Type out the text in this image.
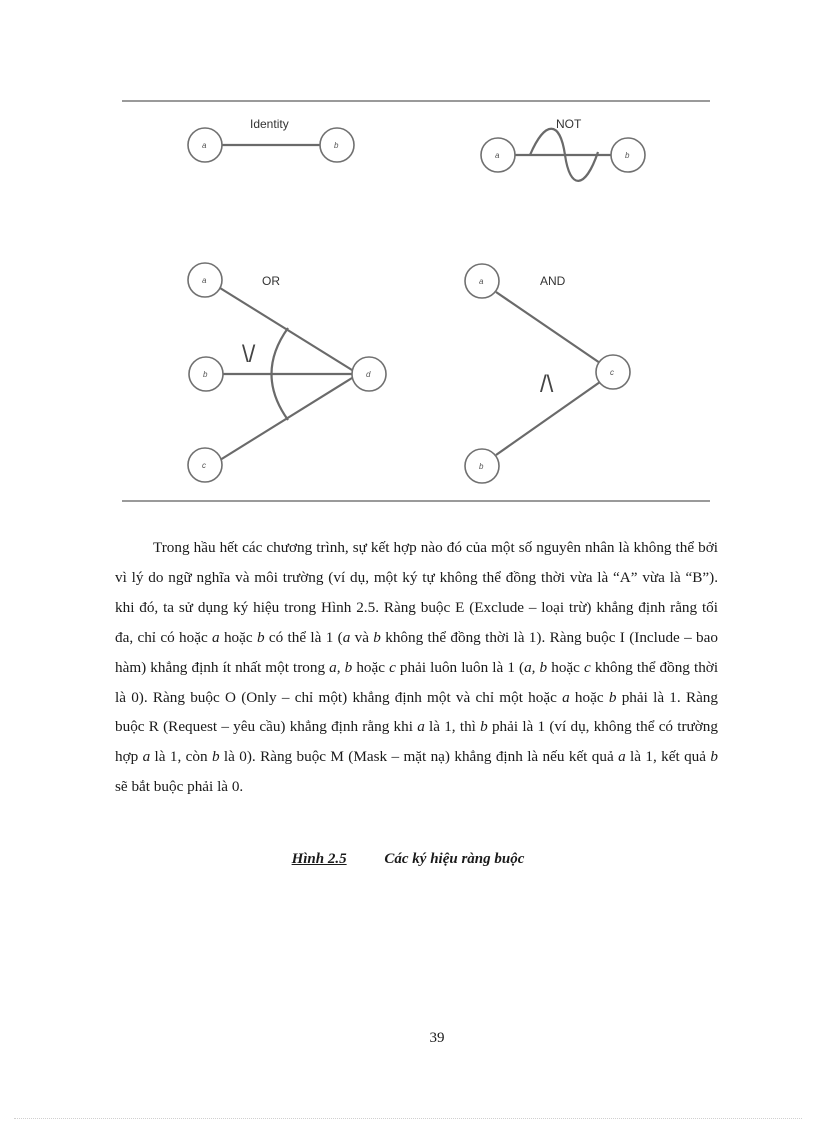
Identity
a	b
NOT
a	b
OR
\/
a
b
c
d
AND
/\
a
b
c

Trong hầu hết các chương trình, sự kết hợp nào đó của một số nguyên nhân là không thể bởi vì lý do ngữ nghĩa và môi trường (ví dụ, một ký tự không thể đồng thời vừa là “A” vừa là “B”). khi đó, ta sử dụng ký hiệu trong Hình 2.5. Ràng buộc E (Exclude – loại trừ) khẳng định rằng tối đa, chỉ có hoặc a hoặc b có thể là 1 (a và b không thể đồng thời là 1). Ràng buộc I (Include – bao hàm) khẳng định ít nhất một trong a, b hoặc c phải luôn luôn là 1 (a, b hoặc c không thể đồng thời là 0). Ràng buộc O (Only – chỉ một) khẳng định một và chỉ một hoặc a hoặc b phải là 1. Ràng buộc R (Request – yêu cầu) khẳng định rằng khi a là 1, thì b phải là 1 (ví dụ, không thể có trường hợp a là 1, còn b là 0). Ràng buộc M (Mask – mặt nạ) khẳng định là nếu kết quả a là 1, kết quả b sẽ bắt buộc phải là 0.

Hình 2.5	Các ký hiệu ràng buộc
39
